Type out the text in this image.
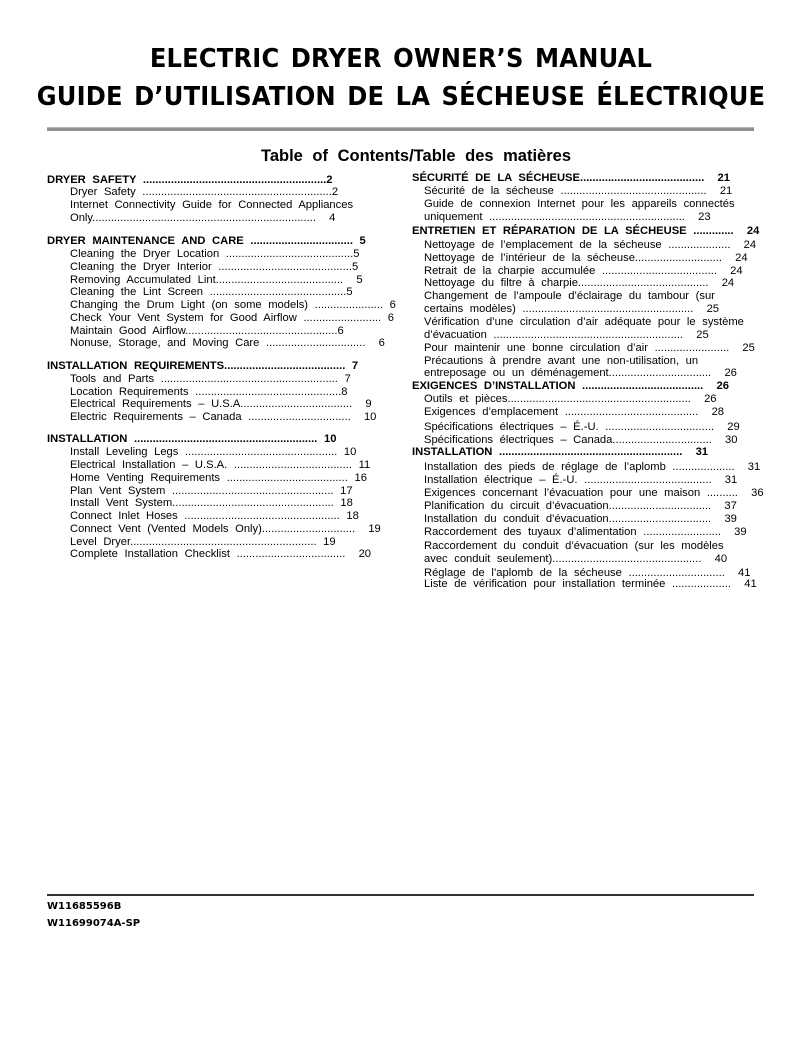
ELECTRIC DRYER OWNER’S MANUAL
GUIDE D’UTILISATION DE LA SÉCHEUSE ÉLECTRIQUE
Table of Contents/Table des matières
DRYER SAFETY ...........................................................2
Dryer Safety .............................................................2
Internet Connectivity Guide for Connected Appliances
Only........................................................................  4
DRYER MAINTENANCE AND CARE ................................. 5
Cleaning the Dryer Location .........................................5
Cleaning the Dryer Interior ...........................................5
Removing Accumulated Lint.........................................  5
Cleaning the Lint Screen ............................................5
Changing the Drum Light (on some models) ...................... 6
Check Your Vent System for Good Airflow ......................... 6
Maintain Good Airflow.................................................6
Nonuse, Storage, and Moving Care ................................  6
INSTALLATION REQUIREMENTS....................................... 7
Tools and Parts ......................................................... 7
Location Requirements ...............................................8
Electrical Requirements – U.S.A....................................  9
Electric Requirements – Canada .................................  10
INSTALLATION ........................................................... 10
Install Leveling Legs ................................................. 10
Electrical Installation – U.S.A. ...................................... 11
Home Venting Requirements ....................................... 16
Plan Vent System .................................................... 17
Install Vent System.................................................... 18
Connect Inlet Hoses .................................................. 18
Connect Vent (Vented Models Only)..............................  19
Level Dryer............................................................ 19
Complete Installation Checklist ...................................  20
SÉCURITÉ DE LA SÉCHEUSE........................................  21
Sécurité de la sécheuse ...............................................  21
Guide de connexion Internet pour les appareils connectés
uniquement ...............................................................  23
ENTRETIEN ET RÉPARATION DE LA SÉCHEUSE .............  24
Nettoyage de l’emplacement de la sécheuse ....................  24
Nettoyage de l’intérieur de la sécheuse............................  24
Retrait de la charpie accumulée .....................................  24
Nettoyage du filtre à charpie..........................................  24
Changement de l’ampoule d’éclairage du tambour (sur
certains modèles) .......................................................  25
Vérification d’une circulation d’air adéquate pour le système
d’évacuation .............................................................  25
Pour maintenir une bonne circulation d’air ........................  25
Précautions à prendre avant une non-utilisation, un
entreposage ou un déménagement.................................  26
EXIGENCES D’INSTALLATION .......................................  26
Outils et pièces...........................................................  26
Exigences d’emplacement ...........................................  28
Spécifications électriques – É.-U. ...................................  29
Spécifications électriques – Canada................................  30
INSTALLATION ...........................................................  31
Installation des pieds de réglage de l’aplomb ....................  31
Installation électrique – É.-U. .........................................  31
Exigences concernant l’évacuation pour une maison ..........  36
Planification du circuit d’évacuation.................................  37
Installation du conduit d’évacuation.................................  39
Raccordement des tuyaux d’alimentation .........................  39
Raccordement du conduit d’évacuation (sur les modèles
avec conduit seulement)................................................  40
Réglage de l’aplomb de la sécheuse ...............................  41
Liste de vérification pour installation terminée ...................  41
W11685596B
W11699074A-SP
